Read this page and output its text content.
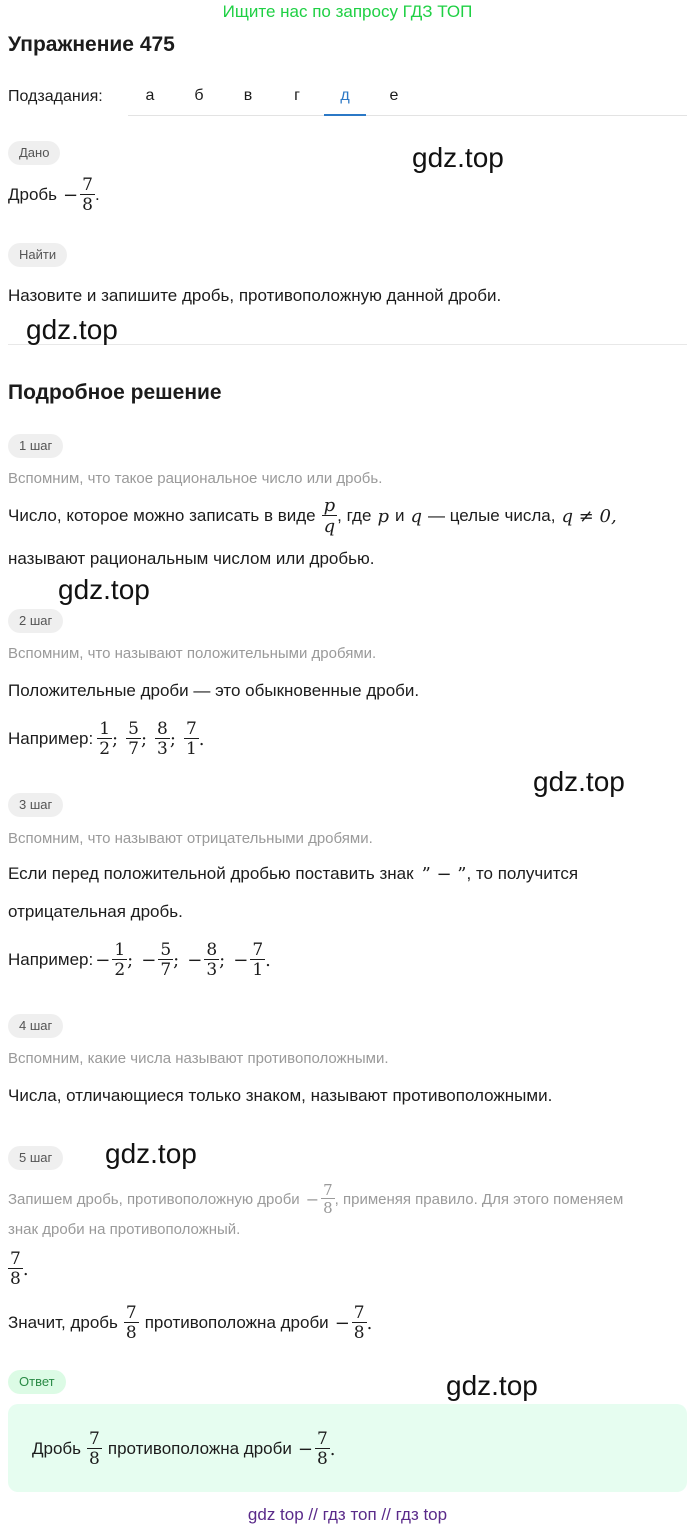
Ищите нас по запросу ГДЗ ТОП
Упражнение 475
Подзадания:	а	б	в	г	д	е
Дано
Дробь − $\frac{7}{8}$ .
Найти
Назовите и запишите дробь, противоположную данной дроби.
Подробное решение
1 шаг
Вспомним, что такое рациональное число или дробь.
Число, которое можно записать в виде $\frac{p}{q}$ , где p и q — целые числа, q ≠ 0,
называют рациональным числом или дробью.
2 шаг
Вспомним, что называют положительными дробями.
Положительные дроби — это обыкновенные дроби.
Например: $\frac{1}{2}$ ; $\frac{5}{7}$ ; $\frac{8}{3}$ ; $\frac{7}{1}$ .
3 шаг
Вспомним, что называют отрицательными дробями.
Если перед положительной дробью поставить знак ” − ” , то получится
отрицательная дробь.
Например: − $\frac{1}{2}$ ; − $\frac{5}{7}$ ; − $\frac{8}{3}$ ; − $\frac{7}{1}$ .
4 шаг
Вспомним, какие числа называют противоположными.
Числа, отличающиеся только знаком, называют противоположными.
5 шаг
Запишем дробь, противоположную дроби − $\frac{7}{8}$ , применяя правило. Для этого поменяем
знак дроби на противоположный.
$\frac{7}{8}$ .
Значит, дробь $\frac{7}{8}$ противоположна дроби − $\frac{7}{8}$ .
Ответ
Дробь $\frac{7}{8}$ противоположна дроби − $\frac{7}{8}$ .
gdz.top
gdz.top
gdz.top
gdz.top
gdz.top
gdz.top
gdz top // гдз топ // гдз top
